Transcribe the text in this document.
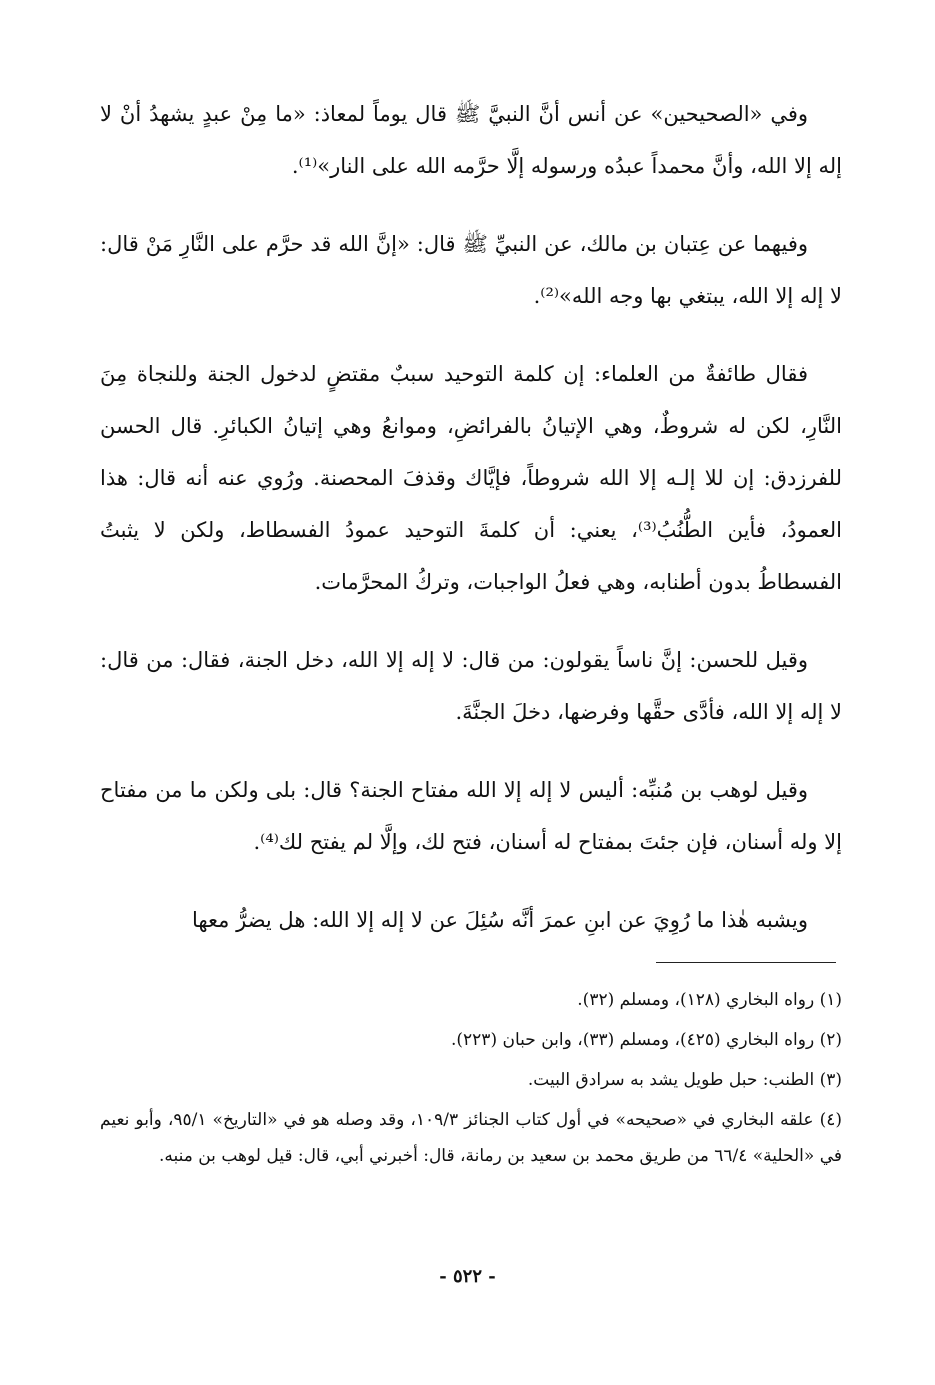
وفي «الصحيحين» عن أنس أنَّ النبيَّ ﷺ قال يوماً لمعاذ: «ما مِنْ عبدٍ يشهدُ أنْ لا إله إلا الله، وأنَّ محمداً عبدُه ورسوله إلَّا حرَّمه الله على النار»⁽¹⁾.

وفيهما عن عِتبان بن مالك، عن النبيِّ ﷺ قال: «إنَّ الله قد حرَّم على النَّارِ مَنْ قال: لا إله إلا الله، يبتغي بها وجه الله»⁽²⁾.

فقال طائفةٌ من العلماء: إن كلمة التوحيد سببٌ مقتضٍ لدخول الجنة وللنجاة مِنَ النَّارِ، لكن له شروطٌ، وهي الإتيانُ بالفرائضِ، وموانعُ وهي إتيانُ الكبائرِ. قال الحسن للفرزدق: إن للا إلـه إلا الله شروطاً، فإيَّاك وقذفَ المحصنة. ورُوي عنه أنه قال: هذا العمودُ، فأين الطُّنُبُ⁽³⁾، يعني: أن كلمةَ التوحيد عمودُ الفسطاط، ولكن لا يثبتُ الفسطاطُ بدون أطنابه، وهي فعلُ الواجبات، وتركُ المحرَّمات.

وقيل للحسن: إنَّ ناساً يقولون: من قال: لا إله إلا الله، دخل الجنة، فقال: من قال: لا إله إلا الله، فأدَّى حقَّها وفرضها، دخلَ الجنَّةَ.

وقيل لوهب بن مُنبِّه: أليس لا إله إلا الله مفتاح الجنة؟ قال: بلى ولكن ما من مفتاح إلا وله أسنان، فإن جئتَ بمفتاح له أسنان، فتح لك، وإلَّا لم يفتح لك⁽⁴⁾.

ويشبه هٰذا ما رُوِيَ عن ابنِ عمرَ أنَّه سُئِلَ عن لا إله إلا الله: هل يضرُّ معها

(١) رواه البخاري (١٢٨)، ومسلم (٣٢).

(٢) رواه البخاري (٤٢٥)، ومسلم (٣٣)، وابن حبان (٢٢٣).

(٣) الطنب: حبل طويل يشد به سرادق البيت.

(٤) علقه البخاري في «صحيحه» في أول كتاب الجنائز ١٠٩/٣، وقد وصله هو في «التاريخ» ٩٥/١، وأبو نعيم في «الحلية» ٦٦/٤ من طريق محمد بن سعيد بن رمانة، قال: أخبرني أبي، قال: قيل لوهب بن منبه.

- ٥٢٢ -
